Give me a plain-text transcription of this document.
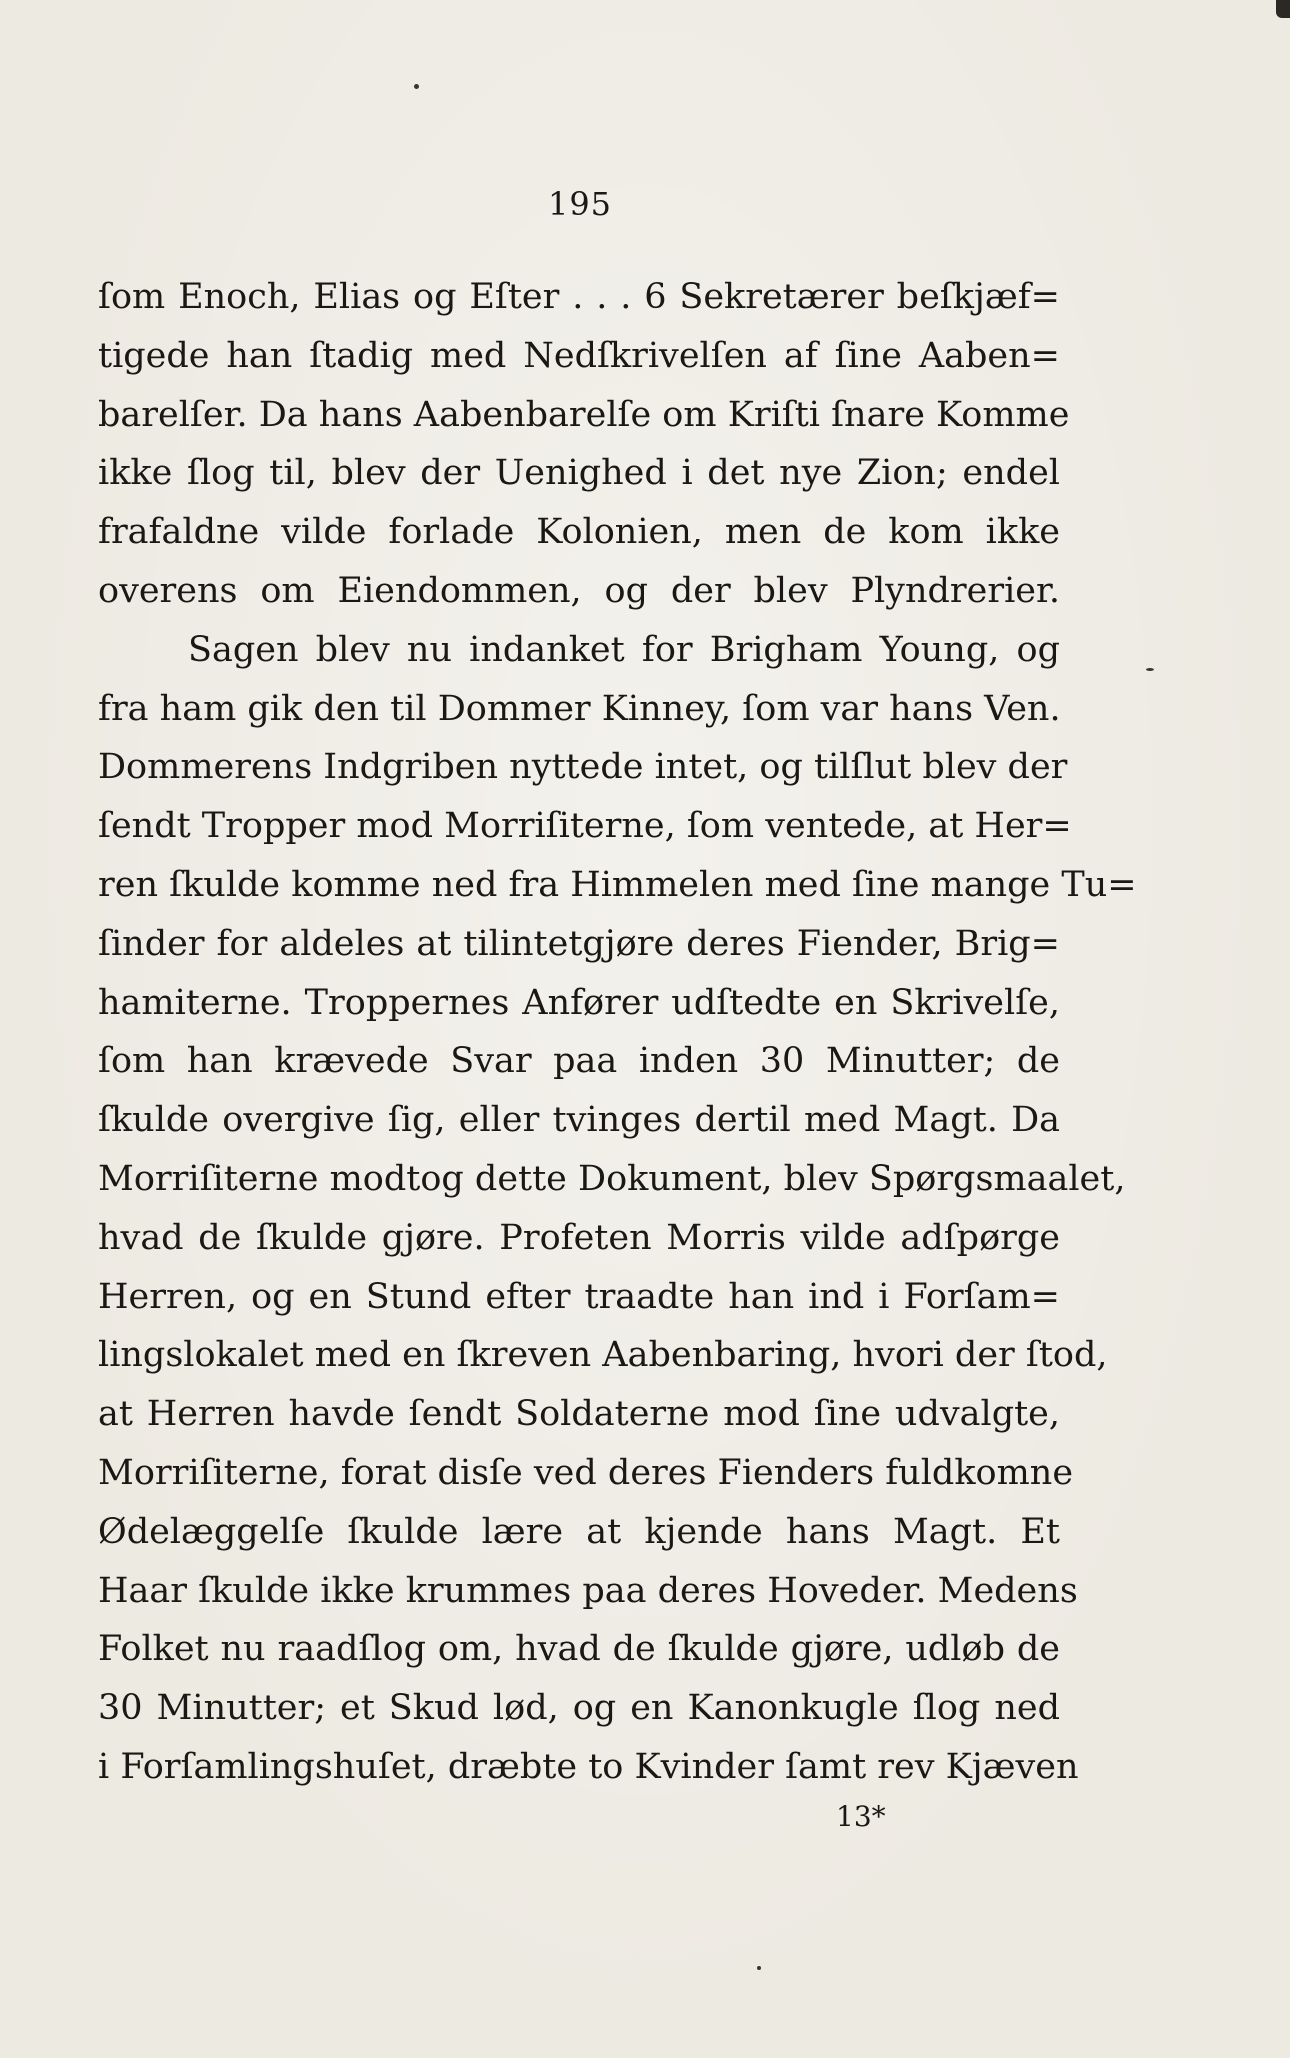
195
ſom Enoch, Elias og Eſter . . . 6 Sekretærer beſkjæf=
tigede han ſtadig med Nedſkrivelſen af ſine Aaben=
barelſer. Da hans Aabenbarelſe om Kriſti ſnare Komme
ikke ſlog til, blev der Uenighed i det nye Zion; endel
frafaldne vilde forlade Kolonien, men de kom ikke
overens om Eiendommen, og der blev Plyndrerier.
Sagen blev nu indanket for Brigham Young, og
fra ham gik den til Dommer Kinney, ſom var hans Ven.
Dommerens Indgriben nyttede intet, og tilſlut blev der
ſendt Tropper mod Morriſiterne, ſom ventede, at Her=
ren ſkulde komme ned fra Himmelen med ſine mange Tu=
ſinder for aldeles at tilintetgjøre deres Fiender, Brig=
hamiterne. Troppernes Anfører udſtedte en Skrivelſe,
ſom han krævede Svar paa inden 30 Minutter; de
ſkulde overgive ſig, eller tvinges dertil med Magt. Da
Morriſiterne modtog dette Dokument, blev Spørgsmaalet,
hvad de ſkulde gjøre. Profeten Morris vilde adſpørge
Herren, og en Stund efter traadte han ind i Forſam=
lingslokalet med en ſkreven Aabenbaring, hvori der ſtod,
at Herren havde ſendt Soldaterne mod ſine udvalgte,
Morriſiterne, forat disſe ved deres Fienders fuldkomne
Ødelæggelſe ſkulde lære at kjende hans Magt. Et
Haar ſkulde ikke krummes paa deres Hoveder. Medens
Folket nu raadſlog om, hvad de ſkulde gjøre, udløb de
30 Minutter; et Skud lød, og en Kanonkugle ſlog ned
i Forſamlingshuſet, dræbte to Kvinder ſamt rev Kjæven
13*
